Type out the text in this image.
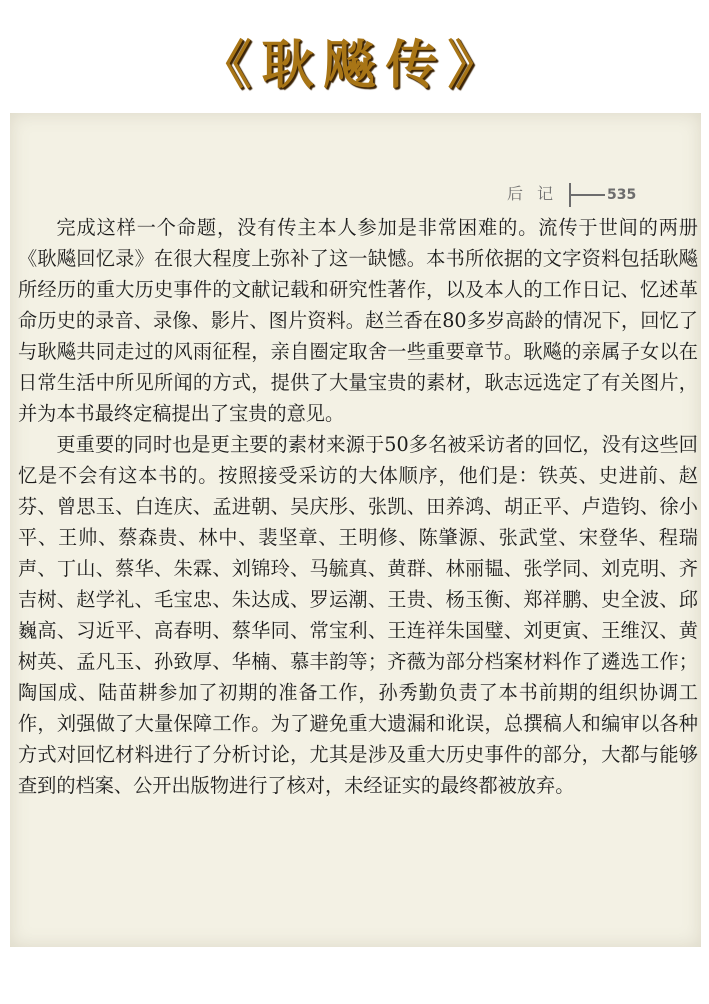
《耿飚传》
后记	535

完成这样一个命题，没有传主本人参加是非常困难的。流传于世间的两册《耿飚回忆录》在很大程度上弥补了这一缺憾。本书所依据的文字资料包括耿飚所经历的重大历史事件的文献记载和研究性著作，以及本人的工作日记、忆述革命历史的录音、录像、影片、图片资料。赵兰香在80多岁高龄的情况下，回忆了与耿飚共同走过的风雨征程，亲自圈定取舍一些重要章节。耿飚的亲属子女以在日常生活中所见所闻的方式，提供了大量宝贵的素材，耿志远选定了有关图片，并为本书最终定稿提出了宝贵的意见。

更重要的同时也是更主要的素材来源于50多名被采访者的回忆，没有这些回忆是不会有这本书的。按照接受采访的大体顺序，他们是：铁英、史进前、赵芬、曾思玉、白连庆、孟进朝、吴庆彤、张凯、田养鸿、胡正平、卢造钧、徐小平、王帅、蔡森贵、林中、裴坚章、王明修、陈肇源、张武堂、宋登华、程瑞声、丁山、蔡华、朱霖、刘锦玲、马毓真、黄群、林丽韫、张学同、刘克明、齐吉树、赵学礼、毛宝忠、朱达成、罗运潮、王贵、杨玉衡、郑祥鹏、史全波、邱巍高、习近平、高春明、蔡华同、常宝利、王连祥朱国璧、刘更寅、王维汉、黄树英、孟凡玉、孙致厚、华楠、慕丰韵等；齐薇为部分档案材料作了遴选工作；陶国成、陆苗耕参加了初期的准备工作，孙秀勤负责了本书前期的组织协调工作，刘强做了大量保障工作。为了避免重大遗漏和讹误，总撰稿人和编审以各种方式对回忆材料进行了分析讨论，尤其是涉及重大历史事件的部分，大都与能够查到的档案、公开出版物进行了核对，未经证实的最终都被放弃。
